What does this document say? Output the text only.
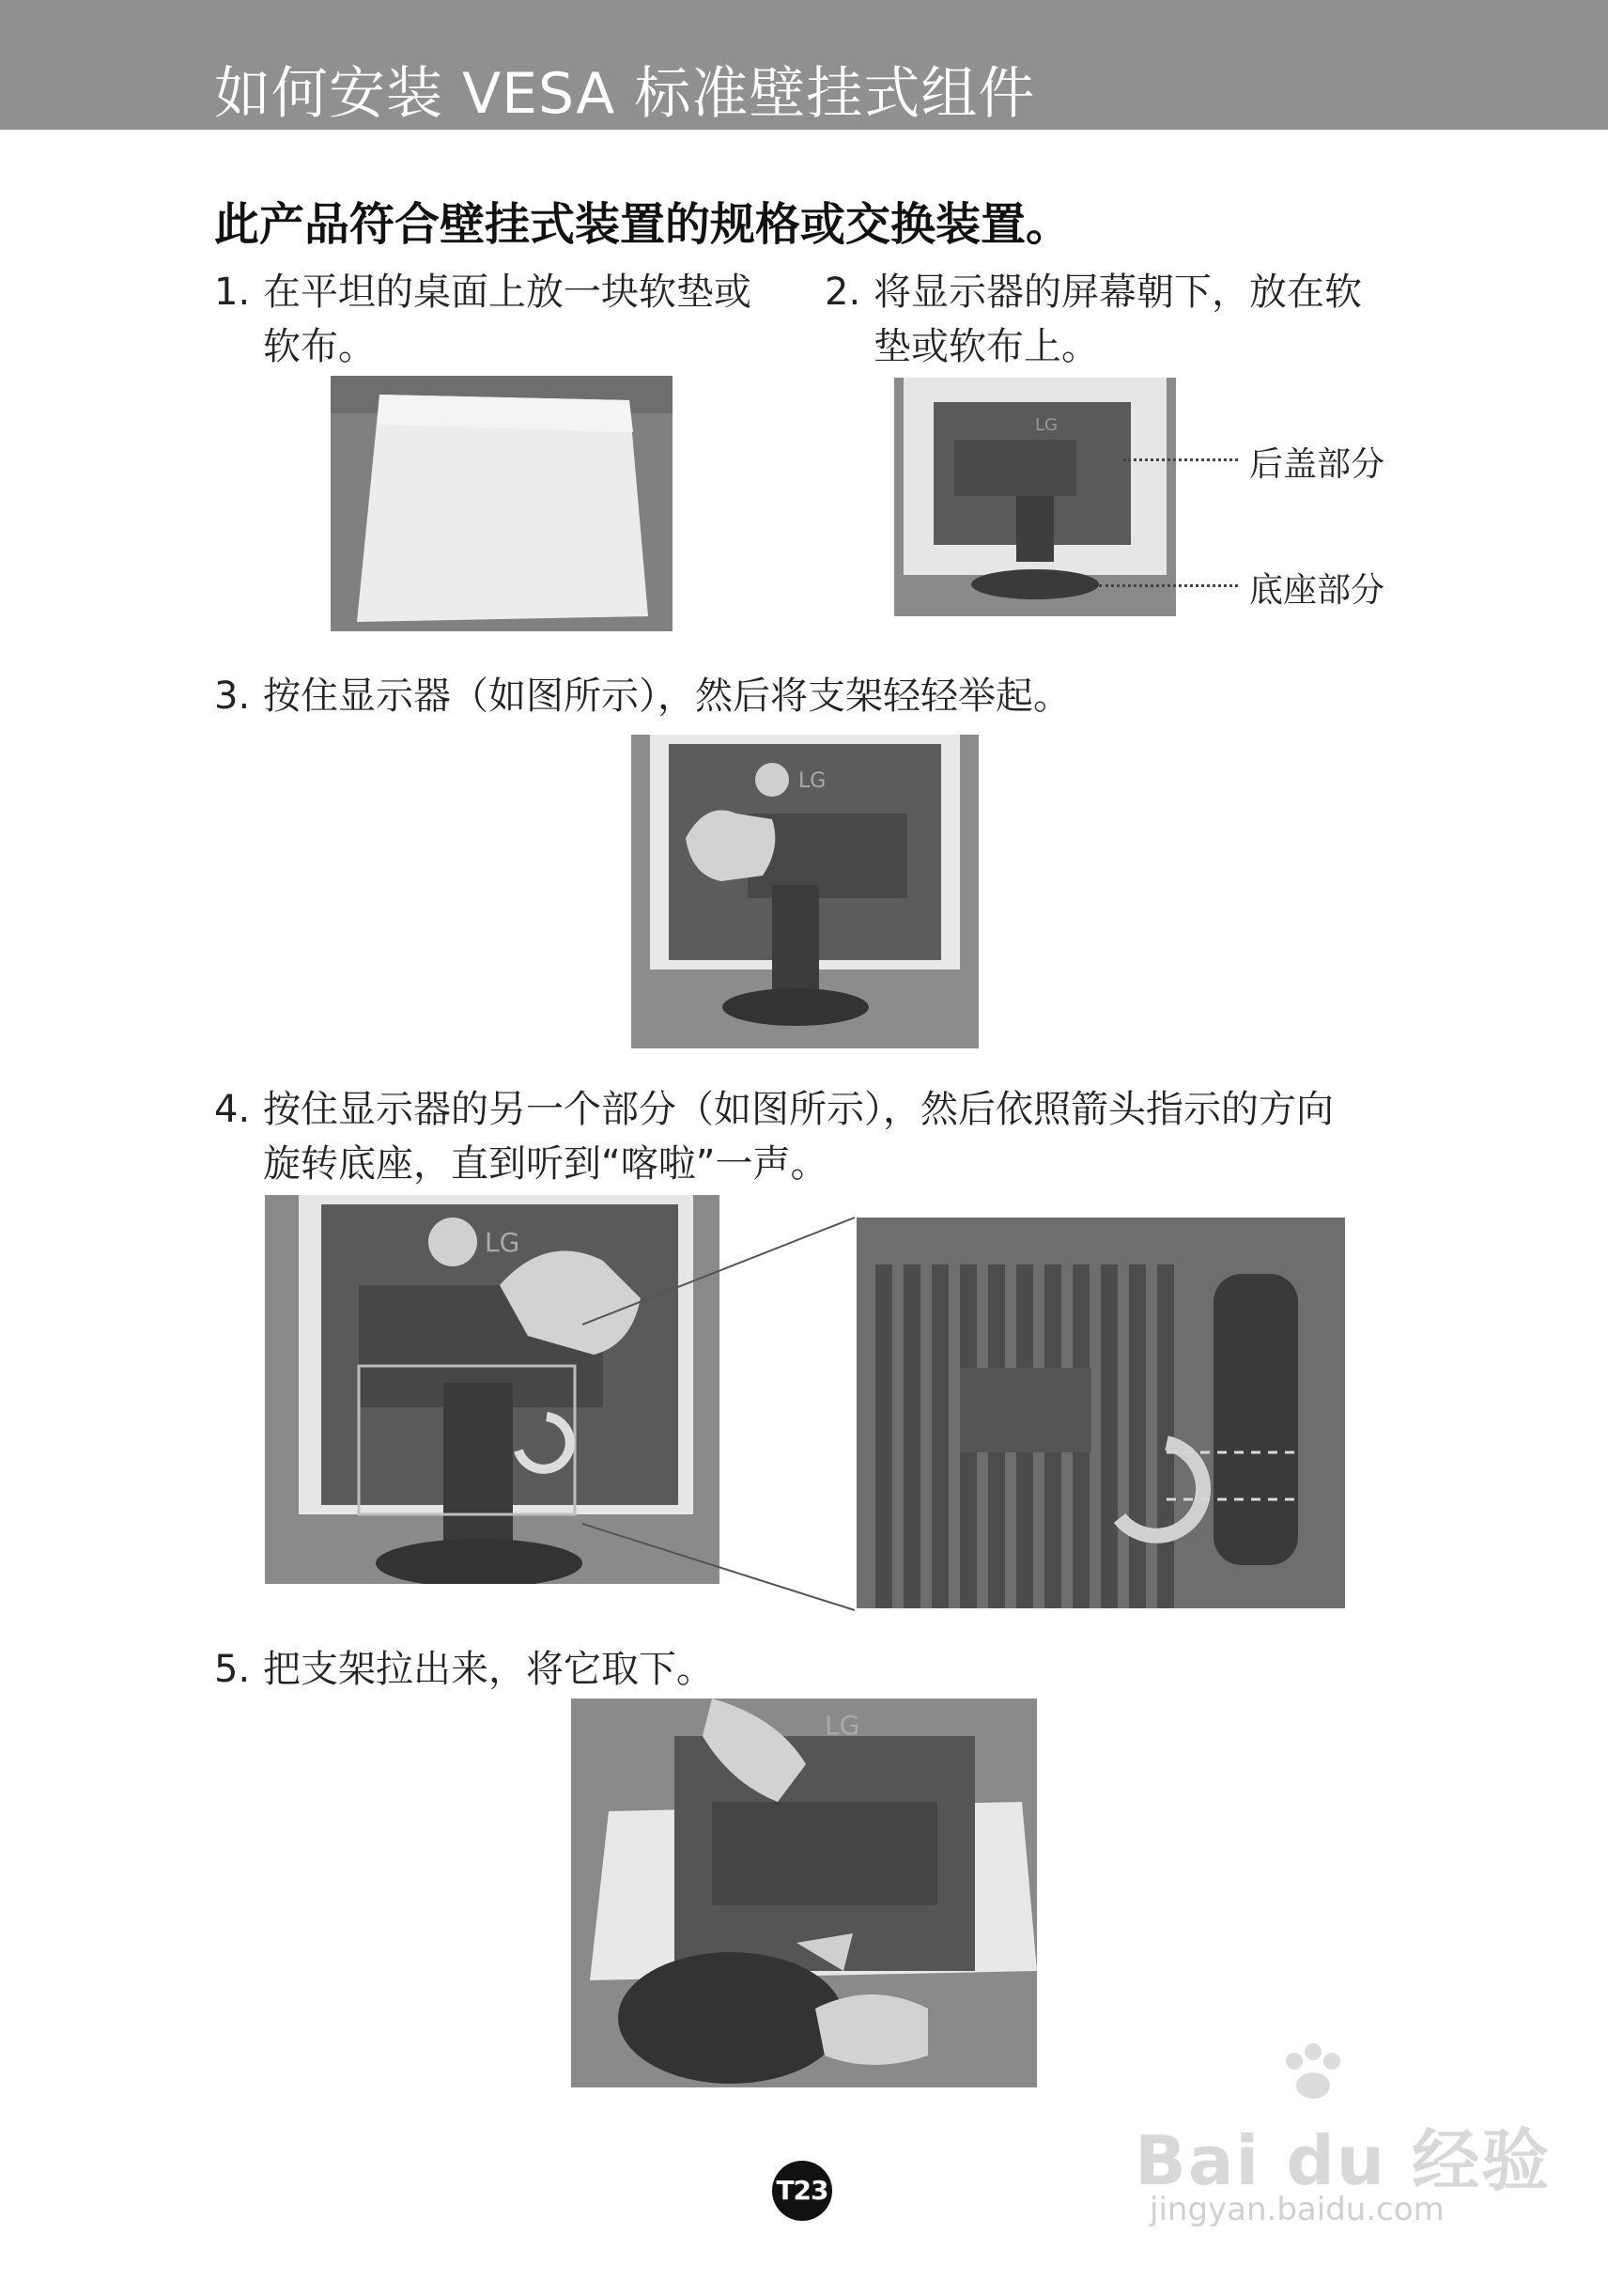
如何安装 VESA 标准壁挂式组件
此产品符合壁挂式装置的规格或交换装置。
1. 在平坦的桌面上放一块软垫或
软布。
2. 将显示器的屏幕朝下，放在软
垫或软布上。
LG
后盖部分
底座部分
3. 按住显示器（如图所示），然后将支架轻轻举起。
LG
4. 按住显示器的另一个部分（如图所示），然后依照箭头指示的方向
旋转底座，直到听到“喀啦”一声。
LG
5. 把支架拉出来，将它取下。
LG
T23	Bai du 经验
jingyan.baidu.com
